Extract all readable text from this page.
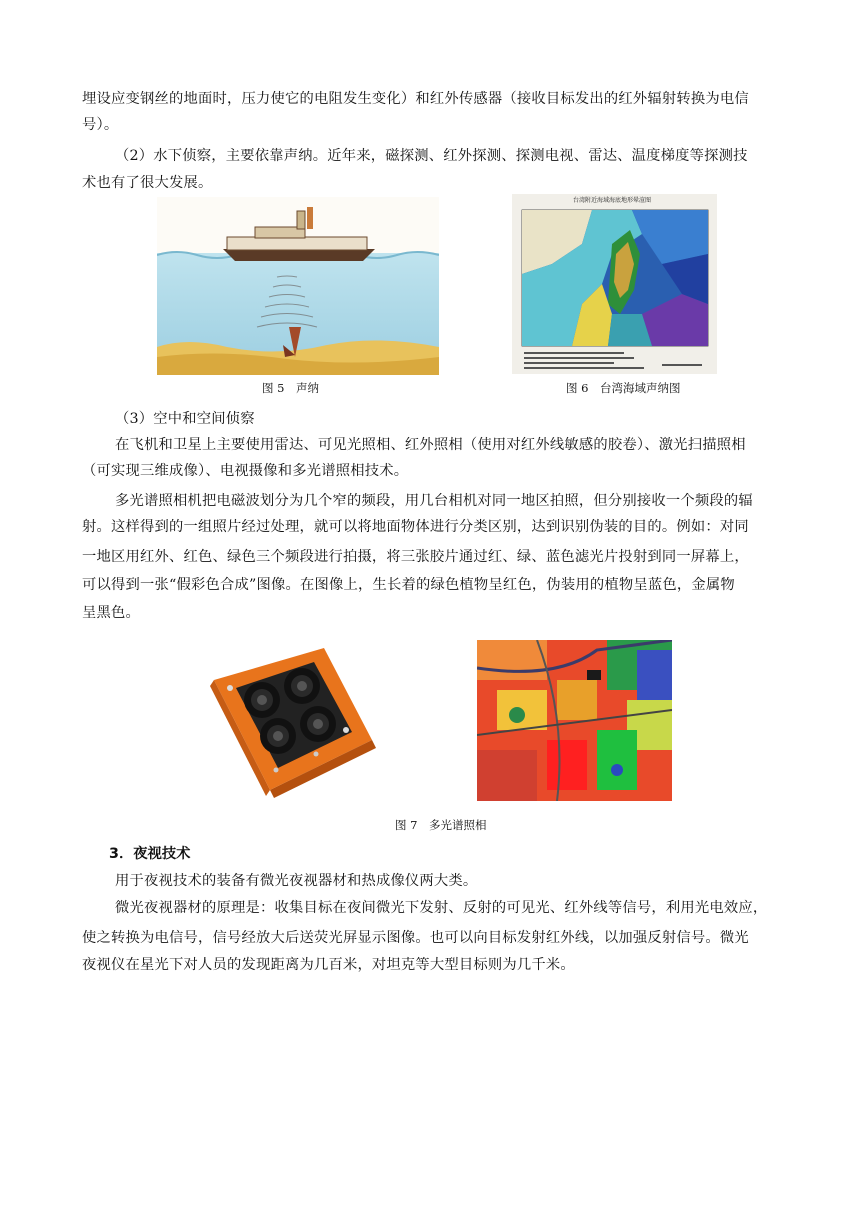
埋设应变钢丝的地面时，压力使它的电阻发生变化）和红外传感器（接收目标发出的红外辐射转换为电信
号）。
（2）水下侦察，主要依靠声纳。近年来，磁探测、红外探测、探测电视、雷达、温度梯度等探测技
术也有了很大发展。
台湾附近海域海底地形晕渲图
图 5　声纳	图 6　台湾海域声纳图
（3）空中和空间侦察
在飞机和卫星上主要使用雷达、可见光照相、红外照相（使用对红外线敏感的胶卷）、激光扫描照相
（可实现三维成像）、电视摄像和多光谱照相技术。
多光谱照相机把电磁波划分为几个窄的频段，用几台相机对同一地区拍照，但分别接收一个频段的辐
射。这样得到的一组照片经过处理，就可以将地面物体进行分类区别，达到识别伪装的目的。例如：对同
一地区用红外、红色、绿色三个频段进行拍摄，将三张胶片通过红、绿、蓝色滤光片投射到同一屏幕上，
可以得到一张“假彩色合成”图像。在图像上，生长着的绿色植物呈红色，伪装用的植物呈蓝色，金属物
呈黑色。
图 7　多光谱照相
3．夜视技术
用于夜视技术的装备有微光夜视器材和热成像仪两大类。
微光夜视器材的原理是：收集目标在夜间微光下发射、反射的可见光、红外线等信号，利用光电效应，
使之转换为电信号，信号经放大后送荧光屏显示图像。也可以向目标发射红外线，以加强反射信号。微光
夜视仪在星光下对人员的发现距离为几百米，对坦克等大型目标则为几千米。
